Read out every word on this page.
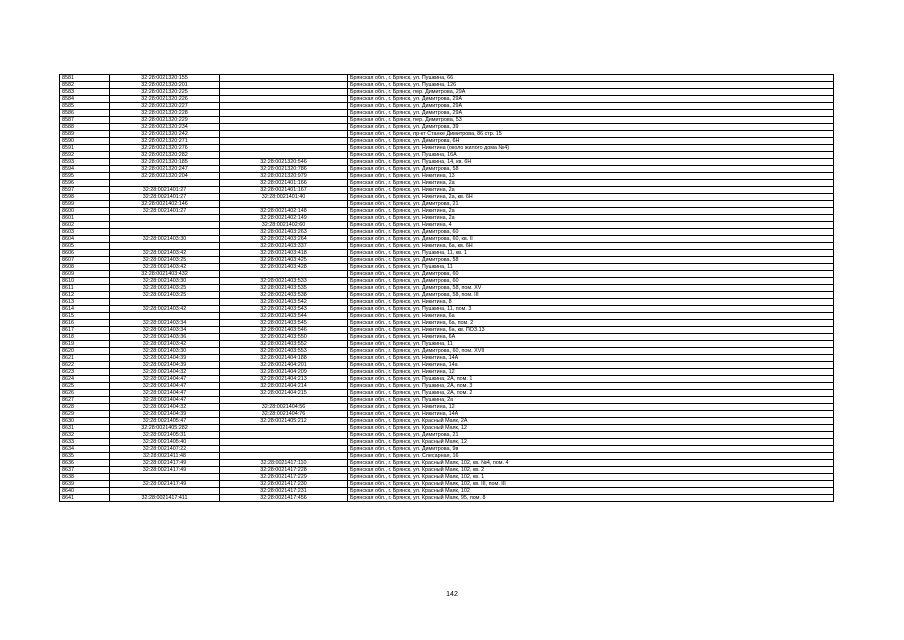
8581	32:28:0021320:155		Брянская обл., г. Брянск, ул. Пушкина, 66
8582	32:28:0021320:201		Брянская обл., г. Брянск, ул. Пушкина, 126
8583	32:28:0021320:225		Брянская обл., г. Брянск, пер. Димитрова, 29А
8584	32:28:0021320:226		Брянская обл., г. Брянск, ул. Димитрова, 29А
8585	32:28:0021320:227		Брянская обл., г. Брянск, ул. Димитрова, 29А
8586	32:28:0021320:228		Брянская обл., г. Брянск, ул. Димитрова, 29А
8587	32:28:0021320:229		Брянская обл., г. Брянск, пер. Димитрова, 53
8588	32:28:0021320:234		Брянская обл., г. Брянск, ул. Димитрова, 39
8589	32:28:0021320:242		Брянская обл., г. Брянск, пр-кт Станке Димитрова, 86 стр. 15
8590	32:28:0021320:271		Брянская обл., г. Брянск, ул. Димитрова, 6Н
8591	32:28:0021320:276		Брянская обл., г. Брянск, ул. Никитина (около жилого дома №4)
8592	32:28:0021320:282		Брянская обл., г. Брянск, ул. Пушкина, 16А
8593	32:28:0021320:185	32:28:0021320:546	Брянская обл., г. Брянск, ул. Пушкина, 14, кв. 6Н
8594	32:28:0021320:247	32:28:0021320:786	Брянская обл., г. Брянск, ул. Димитрова, 58
8595	32:28:0021320:204	32:28:0021320:979	Брянская обл., г. Брянск, ул. Никитина, 13
8596		32:28:0021401:166	Брянская обл., г. Брянск, ул. Никитина, 2а
8597	32:28:0021401:27	32:28:0021401:167	Брянская обл., г. Брянск, ул. Никитина, 2а
8598	32:28:0021401:27	32:28:0021401:40	Брянская обл., г. Брянск, ул. Никитина, 2а, кв. 6Н
8599	32:28:0021402:146		Брянская обл., г. Брянск, ул. Димитрова, 21
8600	32:28:0021401:27	32:28:0021402:148	Брянская обл., г. Брянск, ул. Никитина, 2а
8601		32:28:0021402:149	Брянская обл., г. Брянск, ул. Никитина, 2а
8602		32:28:0021402:60	Брянская обл., г. Брянск, ул. Никитина, 4
8603		32:28:0021403:263	Брянская обл., г. Брянск, ул. Димитрова, 60
8604	32:28:0021403:30	32:28:0021403:264	Брянская обл., г. Брянск, ул. Димитрова, 60, кв. II
8605		32:28:0021403:337	Брянская обл., г. Брянск, ул. Никитина, 6а, кв. 6Н
8606	32:28:0021403:42	32:28:0021403:418	Брянская обл., г. Брянск, ул. Пушкина, 11, кв. 1
8607	32:28:0021403:25	32:28:0021403:425	Брянская обл., г. Брянск, ул. Димитрова, 58
8608	32:28:0021403:42	32:28:0021403:428	Брянская обл., г. Брянск, ул. Пушкина, 11
8609	32:28:0021403:432		Брянская обл., г. Брянск, ул. Димитрова, 60
8610	32:28:0021403:30	32:28:0021403:533	Брянская обл., г. Брянск, ул. Димитрова, 60
8611	32:28:0021403:25	32:28:0021403:535	Брянская обл., г. Брянск, ул. Димитрова, 58, пом. XV
8612	32:28:0021403:25	32:28:0021403:538	Брянская обл., г. Брянск, ул. Димитрова, 58, пом. III
8613		32:28:0021403:542	Брянская обл., г. Брянск, ул. Никитина, 8
8614	32:28:0021403:42	32:28:0021403:543	Брянская обл., г. Брянск, ул. Пушкина, 11, пом. 3
8615		32:28:0021403:544	Брянская обл., г. Брянск, ул. Никитина, 6а
8616	32:28:0021403:34	32:28:0021403:545	Брянская обл., г. Брянск, ул. Никитина, 6а, пом. 2
8617	32:28:0021403:34	32:28:0021403:546	Брянская обл., г. Брянск, ул. Никитина, 6а, кв. ПОЗ.13
8618	32:28:0021403:36	32:28:0021403:550	Брянская обл., г. Брянск, ул. Никитина, 6А
8619	32:28:0021403:42	32:28:0021403:552	Брянская обл., г. Брянск, ул. Пушкина, 11
8620	32:28:0021403:30	32:28:0021403:553	Брянская обл., г. Брянск, ул. Димитрова, 60, пом. XVII
8621	32:28:0021404:39	32:28:0021404:188	Брянская обл., г. Брянск, ул. Никитина, 14А
8622	32:28:0021404:39	32:28:0021404:201	Брянская обл., г. Брянск, ул. Никитина, 14а
8623	32:28:0021404:32	32:28:0021404:209	Брянская обл., г. Брянск, ул. Никитина, 12
8624	32:28:0021404:47	32:28:0021404:213	Брянская обл., г. Брянск, ул. Пушкина, 2А, пом. 1
8625	32:28:0021404:47	32:28:0021404:214	Брянская обл., г. Брянск, ул. Пушкина, 2А, пом. 3
8626	32:28:0021404:47	32:28:0021404:215	Брянская обл., г. Брянск, ул. Пушкина, 2А, пом. 2
8627	32:28:0021404:47		Брянская обл., г. Брянск, ул. Пушкина, 2а
8628	32:28:0021404:32	32:28:0021404:56	Брянская обл., г. Брянск, ул. Никитина, 12
8629	32:28:0021404:39	32:28:0021404:76	Брянская обл., г. Брянск, ул. Никитина, 14А
8630	32:28:0021405:47	32:28:0021405:212	Брянская обл., г. Брянск, ул. Красный Маяк, 2А
8631	32:28:0021405:282		Брянская обл., г. Брянск, ул. Красный Маяк, 12
8632	32:28:0021405:31		Брянская обл., г. Брянск, ул. Димитрова, 21
8633	32:28:0021405:40		Брянская обл., г. Брянск, ул. Красный Маяк, 12
8634	32:28:0021407:22		Брянская обл., г. Брянск, ул. Димитрова, 9в
8635	32:28:0021411:48		Брянская обл., г. Брянск, ул. Слесарная, 16
8636	32:28:0021417:49	32:28:0021417:110	Брянская обл., г. Брянск, ул. Красный Маяк, 102, кв. №4, пом. 4
8637	32:28:0021417:49	32:28:0021417:228	Брянская обл., г. Брянск, ул. Красный Маяк, 102, кв. 2
8638		32:28:0021417:229	Брянская обл., г. Брянск, ул. Красный Маяк, 102, кв. 1
8639	32:28:0021417:49	32:28:0021417:230	Брянская обл., г. Брянск, ул. Красный Маяк, 102, кв. III, пом. III
8640		32:28:0021417:231	Брянская обл., г. Брянск, ул. Красный Маяк, 102
8641	32:28:0021417:411	32:28:0021417:456	Брянская обл., г. Брянск, ул. Красный Маяк, 95, пом. 8
142
